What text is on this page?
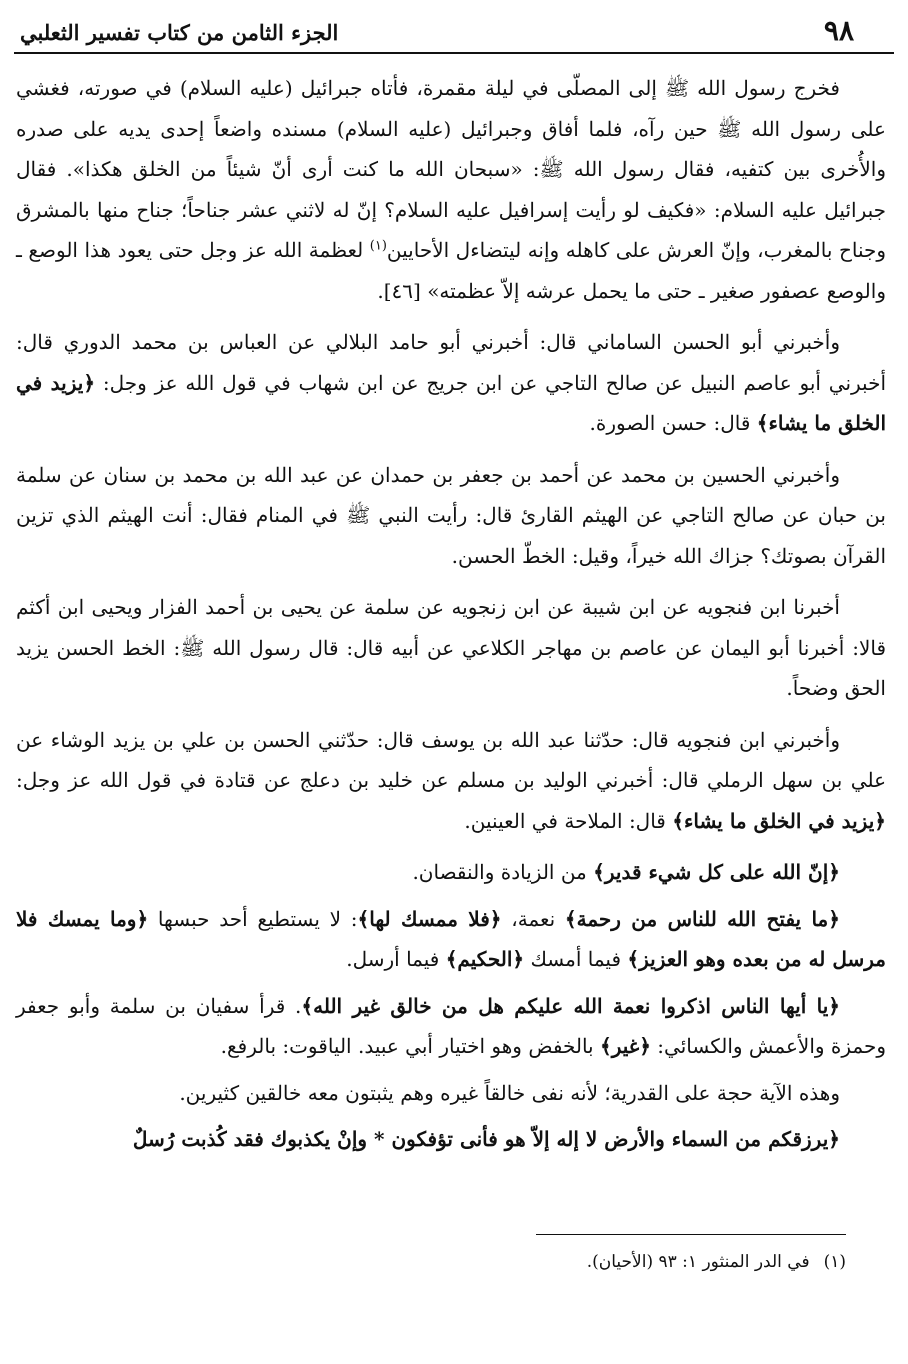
٩٨
الجزء الثامن من كتاب تفسير الثعلبي

فخرج رسول الله ﷺ إلى المصلّى في ليلة مقمرة، فأتاه جبرائيل (عليه السلام) في صورته، فغشي على رسول الله ﷺ حين رآه، فلما أفاق وجبرائيل (عليه السلام) مسنده واضعاً إحدى يديه على صدره والأُخرى بين كتفيه، فقال رسول الله ﷺ: «سبحان الله ما كنت أرى أنّ شيئاً من الخلق هكذا». فقال جبرائيل عليه السلام: «فكيف لو رأيت إسرافيل عليه السلام؟ إنّ له لاثني عشر جناحاً؛ جناح منها بالمشرق وجناح بالمغرب، وإنّ العرش على كاهله وإنه ليتضاءل الأحايين$^{(١)}$ لعظمة الله عز وجل حتى يعود هذا الوصع ـ والوصع عصفور صغير ـ حتى ما يحمل عرشه إلاّ عظمته» [٤٦].

وأخبرني أبو الحسن الساماني قال: أخبرني أبو حامد البلالي عن العباس بن محمد الدوري قال: أخبرني أبو عاصم النبيل عن صالح التاجي عن ابن جريج عن ابن شهاب في قول الله عز وجل: ﴿يزيد في الخلق ما يشاء﴾ قال: حسن الصورة.

وأخبرني الحسين بن محمد عن أحمد بن جعفر بن حمدان عن عبد الله بن محمد بن سنان عن سلمة بن حبان عن صالح التاجي عن الهيثم القارئ قال: رأيت النبي ﷺ في المنام فقال: أنت الهيثم الذي تزين القرآن بصوتك؟ جزاك الله خيراً، وقيل: الخطّ الحسن.

أخبرنا ابن فنجويه عن ابن شيبة عن ابن زنجويه عن سلمة عن يحيى بن أحمد الفزار ويحيى ابن أكثم قالا: أخبرنا أبو اليمان عن عاصم بن مهاجر الكلاعي عن أبيه قال: قال رسول الله ﷺ: الخط الحسن يزيد الحق وضحاً.

وأخبرني ابن فنجويه قال: حدّثنا عبد الله بن يوسف قال: حدّثني الحسن بن علي بن يزيد الوشاء عن علي بن سهل الرملي قال: أخبرني الوليد بن مسلم عن خليد بن دعلج عن قتادة في قول الله عز وجل: ﴿يزيد في الخلق ما يشاء﴾ قال: الملاحة في العينين.

﴿إنّ الله على كل شيء قدير﴾ من الزيادة والنقصان.

﴿ما يفتح الله للناس من رحمة﴾ نعمة، ﴿فلا ممسك لها﴾: لا يستطيع أحد حبسها ﴿وما يمسك فلا مرسل له من بعده وهو العزيز﴾ فيما أمسك ﴿الحكيم﴾ فيما أرسل.

﴿يا أيها الناس اذكروا نعمة الله عليكم هل من خالق غير الله﴾. قرأ سفيان بن سلمة وأبو جعفر وحمزة والأعمش والكسائي: ﴿غير﴾ بالخفض وهو اختيار أبي عبيد. الياقوت: بالرفع.

وهذه الآية حجة على القدرية؛ لأنه نفى خالقاً غيره وهم يثبتون معه خالقين كثيرين.

﴿يرزقكم من السماء والأرض لا إله إلاّ هو فأنى تؤفكون * وإنْ يكذبوك فقد كُذبت رُسلٌ

(١)في الدر المنثور ١: ٩٣ (الأحيان).
